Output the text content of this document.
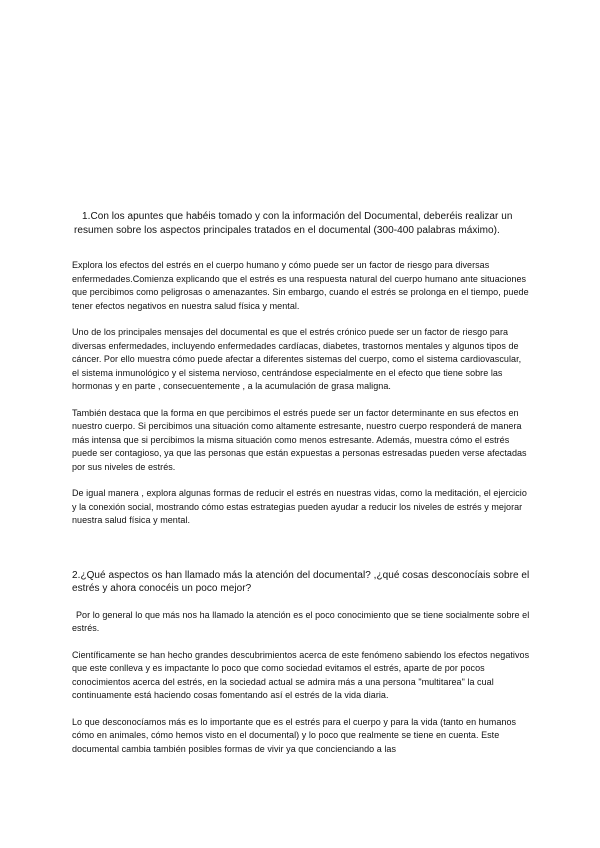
1.Con los apuntes que habéis tomado y con la información del Documental, deberéis realizar un resumen sobre los aspectos principales tratados en el documental (300-400 palabras máximo).

Explora los efectos del estrés en el cuerpo humano y cómo puede ser un factor de riesgo para diversas enfermedades.Comienza explicando que el estrés es una respuesta natural del cuerpo humano ante situaciones que percibimos como peligrosas o amenazantes. Sin embargo, cuando el estrés se prolonga en el tiempo, puede tener efectos negativos en nuestra salud física y mental.

Uno de los principales mensajes del documental es que el estrés crónico puede ser un factor de riesgo para diversas enfermedades, incluyendo enfermedades cardíacas, diabetes, trastornos mentales y algunos tipos de cáncer. Por ello muestra cómo puede afectar a diferentes sistemas del cuerpo, como el sistema cardiovascular, el sistema inmunológico y el sistema nervioso, centrándose especialmente en el efecto que tiene sobre las hormonas y en parte , consecuentemente , a la acumulación de grasa maligna.

También destaca que la forma en que percibimos el estrés puede ser un factor determinante en sus efectos en nuestro cuerpo. Si percibimos una situación como altamente estresante, nuestro cuerpo responderá de manera más intensa que si percibimos la misma situación como menos estresante. Además, muestra cómo el estrés puede ser contagioso, ya que las personas que están expuestas a personas estresadas pueden verse afectadas por sus niveles de estrés.

De igual manera , explora algunas formas de reducir el estrés en nuestras vidas, como la meditación, el ejercicio y la conexión social, mostrando cómo estas estrategias pueden ayudar a reducir los niveles de estrés y mejorar nuestra salud física y mental.

2.¿Qué aspectos os han llamado más la atención del documental? ,¿qué cosas desconocíais sobre el estrés y ahora conocéis un poco mejor?

Por lo general lo que más nos ha llamado la atención es el poco conocimiento que se tiene socialmente sobre el estrés.

Científicamente se han hecho grandes descubrimientos acerca de este fenómeno sabiendo los efectos negativos que este conlleva y es impactante lo poco que como sociedad evitamos el estrés, aparte de por pocos conocimientos acerca del estrés, en la sociedad actual se admira más a una persona "multitarea" la cual continuamente está haciendo cosas fomentando así el estrés de la vida diaria.

Lo que desconocíamos más es lo importante que es el estrés para el cuerpo y para la vida (tanto en humanos cómo en animales, cómo hemos visto en el documental) y lo poco que realmente se tiene en cuenta. Este documental cambia también posibles formas de vivir ya que concienciando a las
